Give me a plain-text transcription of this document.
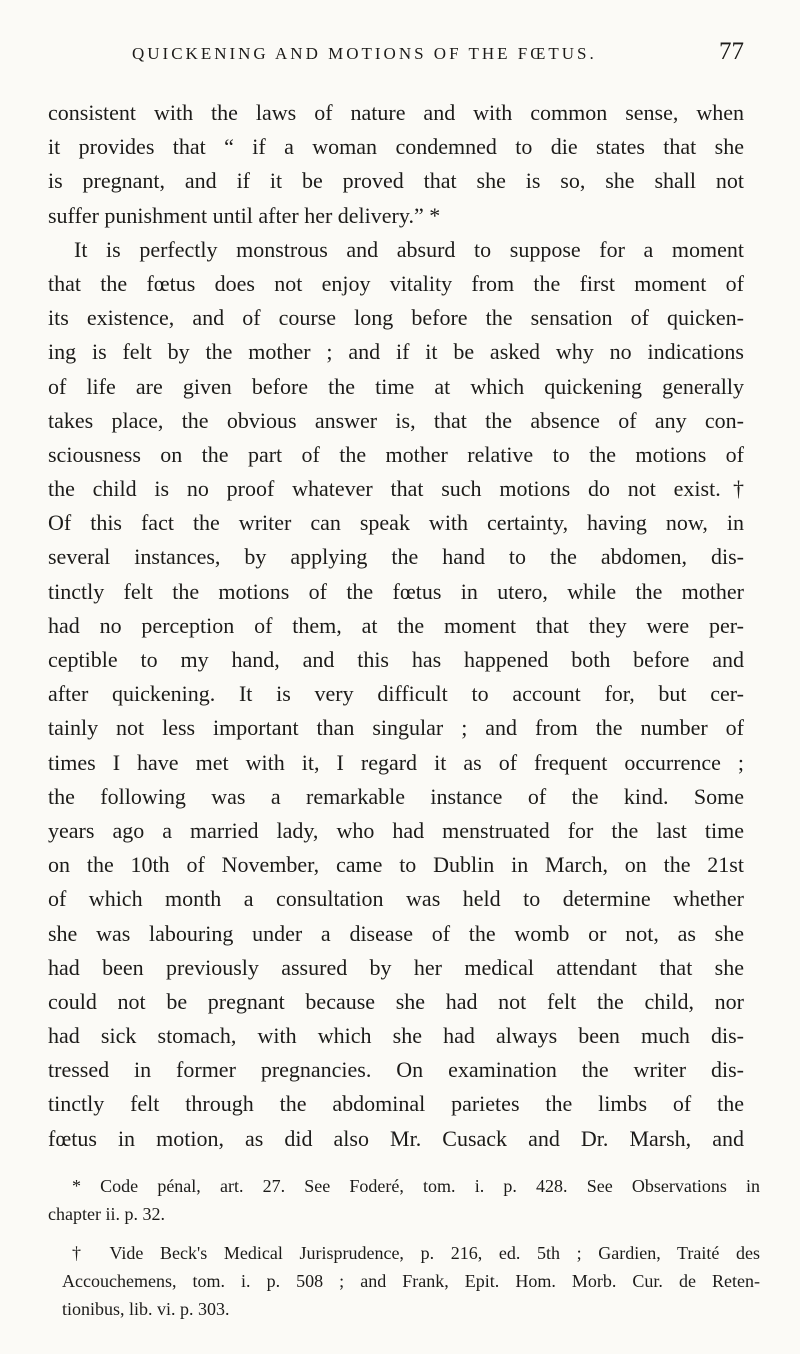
QUICKENING AND MOTIONS OF THE FŒTUS.	77
consistent with the laws of nature and with common sense, when
it provides that “ if a woman condemned to die states that she
is pregnant, and if it be proved that she is so, she shall not
suffer punishment until after her delivery.” *
It is perfectly monstrous and absurd to suppose for a moment
that the fœtus does not enjoy vitality from the first moment of
its existence, and of course long before the sensation of quicken-
ing is felt by the mother ; and if it be asked why no indications
of life are given before the time at which quickening generally
takes place, the obvious answer is, that the absence of any con-
sciousness on the part of the mother relative to the motions of
the child is no proof whatever that such motions do not exist.†
Of this fact the writer can speak with certainty, having now, in
several instances, by applying the hand to the abdomen, dis-
tinctly felt the motions of the fœtus in utero, while the mother
had no perception of them, at the moment that they were per-
ceptible to my hand, and this has happened both before and
after quickening. It is very difficult to account for, but cer-
tainly not less important than singular ; and from the number of
times I have met with it, I regard it as of frequent occurrence ;
the following was a remarkable instance of the kind. Some
years ago a married lady, who had menstruated for the last time
on the 10th of November, came to Dublin in March, on the 21st
of which month a consultation was held to determine whether
she was labouring under a disease of the womb or not, as she
had been previously assured by her medical attendant that she
could not be pregnant because she had not felt the child, nor
had sick stomach, with which she had always been much dis-
tressed in former pregnancies. On examination the writer dis-
tinctly felt through the abdominal parietes the limbs of the
fœtus in motion, as did also Mr. Cusack and Dr. Marsh, and
* Code pénal, art. 27. See Foderé, tom. i. p. 428. See Observations in
chapter ii. p. 32.
† Vide Beck's Medical Jurisprudence, p. 216, ed. 5th ; Gardien, Traité des
Accouchemens, tom. i. p. 508 ; and Frank, Epit. Hom. Morb. Cur. de Reten-
tionibus, lib. vi. p. 303.
